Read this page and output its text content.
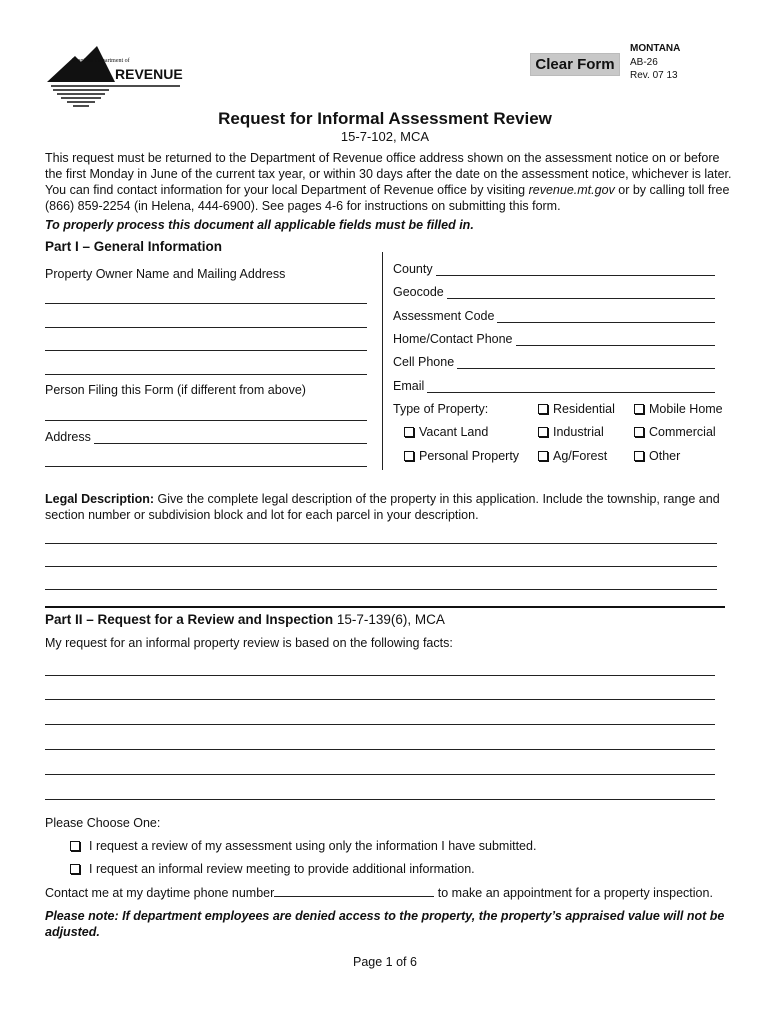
Montana Department of
REVENUE
Clear Form
MONTANA
AB-26
Rev. 07 13
Request for Informal Assessment Review
15-7-102, MCA
This request must be returned to the Department of Revenue office address shown on the assessment notice on or before the first Monday in June of the current tax year, or within 30 days after the date on the assessment notice, whichever is later. You can find contact information for your local Department of Revenue office by visiting revenue.mt.gov or by calling toll free (866) 859-2254 (in Helena, 444-6900). See pages 4-6 for instructions on submitting this form.
To properly process this document all applicable fields must be filled in.
Part I – General Information
Property Owner Name and Mailing Address
Person Filing this Form (if different from above)
Address
County
Geocode
Assessment Code
Home/Contact Phone
Cell Phone
Email
Type of Property:	Residential	Mobile Home
Vacant Land	Industrial	Commercial
Personal Property	Ag/Forest	Other
Legal Description: Give the complete legal description of the property in this application. Include the township, range and section number or subdivision block and lot for each parcel in your description.
Part II – Request for a Review and Inspection 15-7-139(6), MCA
My request for an informal property review is based on the following facts:
Please Choose One:
I request a review of my assessment using only the information I have submitted.
I request an informal review meeting to provide additional information.
Contact me at my daytime phone number	to make an appointment for a property inspection.
Please note: If department employees are denied access to the property, the property’s appraised value will not be adjusted.
Page 1 of 6
